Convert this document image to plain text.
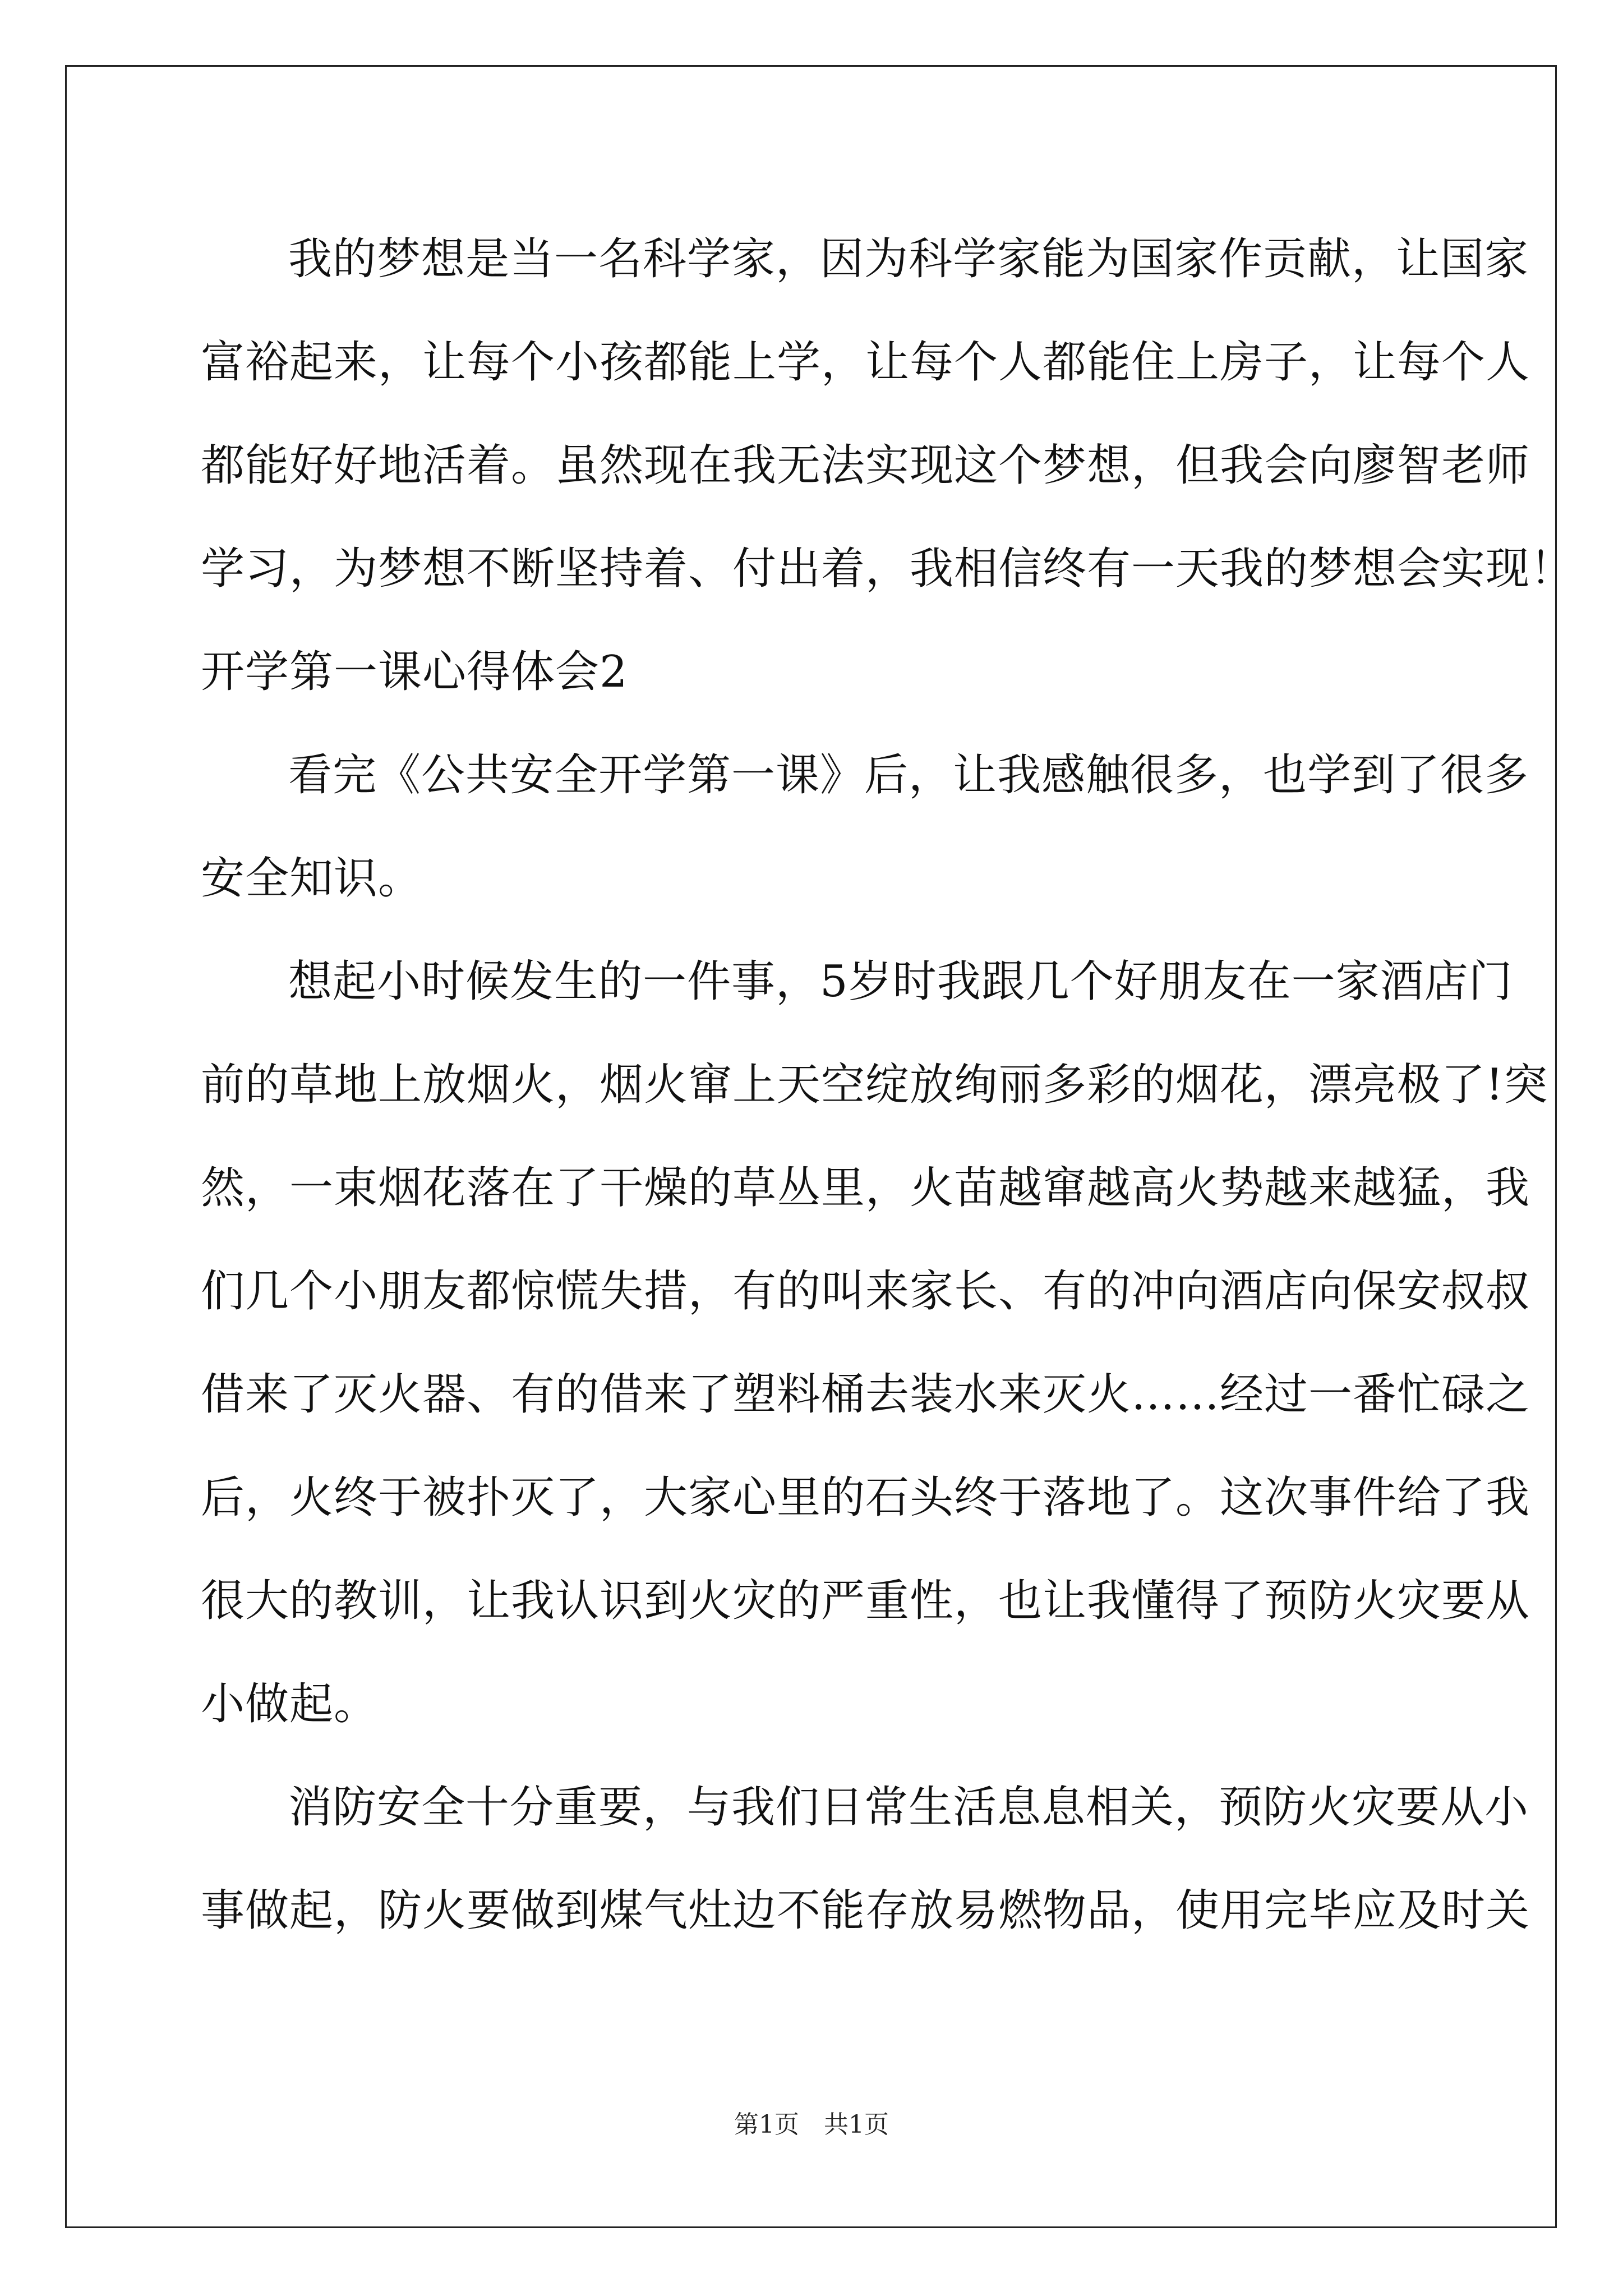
我的梦想是当一名科学家，因为科学家能为国家作贡献，让国家
富裕起来，让每个小孩都能上学，让每个人都能住上房子，让每个人
都能好好地活着。虽然现在我无法实现这个梦想，但我会向廖智老师
学习，为梦想不断坚持着、付出着，我相信终有一天我的梦想会实现！
开学第一课心得体会2
看完《公共安全开学第一课》后，让我感触很多，也学到了很多
安全知识。
想起小时候发生的一件事，5岁时我跟几个好朋友在一家酒店门
前的草地上放烟火，烟火窜上天空绽放绚丽多彩的烟花，漂亮极了!突
然，一束烟花落在了干燥的草丛里，火苗越窜越高火势越来越猛，我
们几个小朋友都惊慌失措，有的叫来家长、有的冲向酒店向保安叔叔
借来了灭火器、有的借来了塑料桶去装水来灭火……经过一番忙碌之
后，火终于被扑灭了，大家心里的石头终于落地了。这次事件给了我
很大的教训，让我认识到火灾的严重性，也让我懂得了预防火灾要从
小做起。
消防安全十分重要，与我们日常生活息息相关，预防火灾要从小
事做起，防火要做到煤气灶边不能存放易燃物品，使用完毕应及时关
第1页　共1页
